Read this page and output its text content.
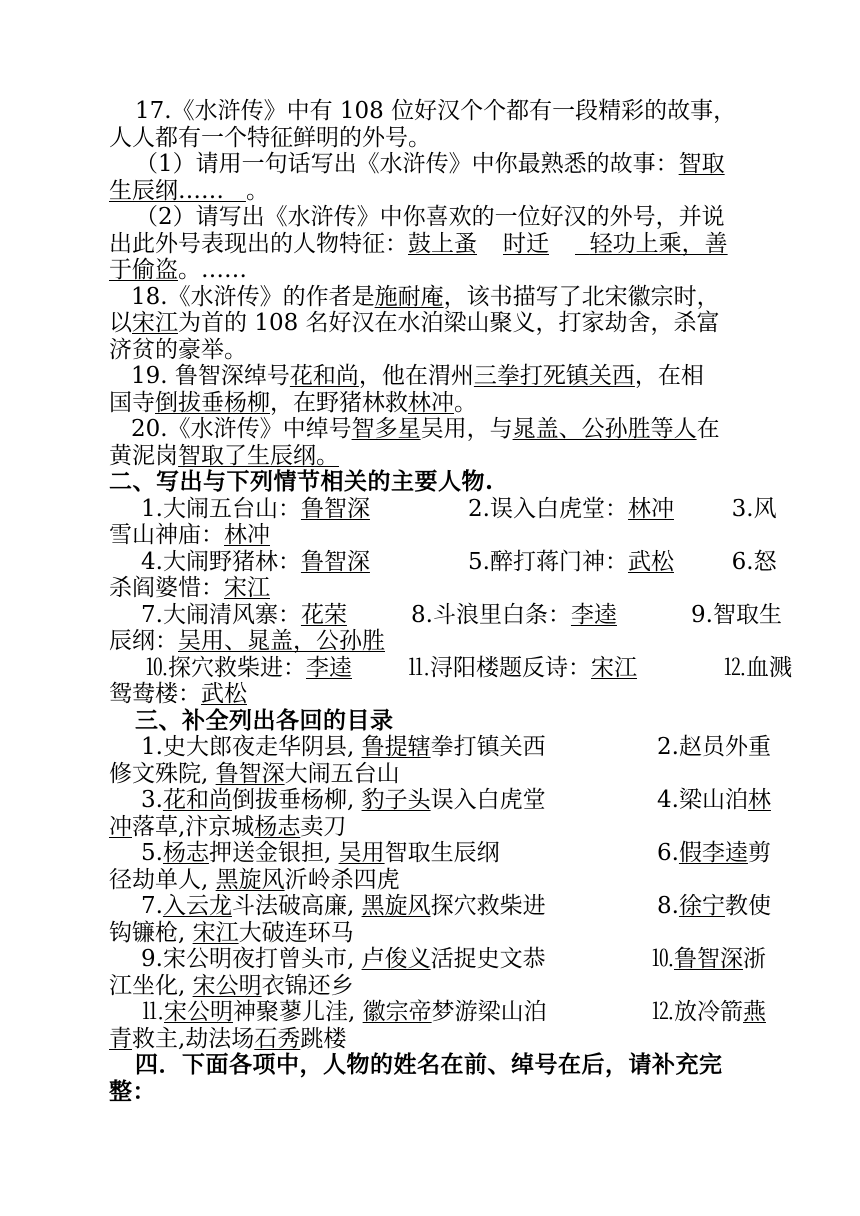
17.《水浒传》中有 108 位好汉个个都有一段精彩的故事，

人人都有一个特征鲜明的外号。

（1）请用一句话写出《水浒传》中你最熟悉的故事：智取

生辰纲…… 。

（2）请写出《水浒传》中你喜欢的一位好汉的外号，并说

出此外号表现出的人物特征：鼓上蚤 时迁 轻功上乘，善

于偷盗。……

18.《水浒传》的作者是施耐庵，该书描写了北宋徽宗时，

以宋江为首的 108 名好汉在水泊梁山聚义，打家劫舍，杀富

济贫的豪举。

19. 鲁智深绰号花和尚，他在渭州三拳打死镇关西，在相

国寺倒拔垂杨柳，在野猪林救林冲。

20.《水浒传》中绰号智多星吴用，与晁盖、公孙胜等人在

黄泥岗智取了生辰纲。

二、写出与下列情节相关的主要人物.

1.大闹五台山：鲁智深	2.误入白虎堂：林冲	3.风

雪山神庙：林冲

4.大闹野猪林：鲁智深	5.醉打蒋门神：武松	6.怒

杀阎婆惜：宋江

7.大闹清风寨：花荣	8.斗浪里白条：李逵	9.智取生

辰纲：吴用、晁盖，公孙胜

⒑探穴救柴进：李逵	⒒浔阳楼题反诗：宋江	⒓血溅

鸳鸯楼：武松

三、补全列出各回的目录

1.史大郎夜走华阴县, 鲁提辖拳打镇关西	2.赵员外重

修文殊院, 鲁智深大闹五台山

3.花和尚倒拔垂杨柳, 豹子头误入白虎堂	4.梁山泊林

冲落草,汴京城杨志卖刀

5.杨志押送金银担, 吴用智取生辰纲	6.假李逵剪

径劫单人, 黑旋风沂岭杀四虎

7.入云龙斗法破高廉, 黑旋风探穴救柴进	8.徐宁教使

钩镰枪, 宋江大破连环马

9.宋公明夜打曾头市, 卢俊义活捉史文恭	⒑鲁智深浙

江坐化, 宋公明衣锦还乡

⒒宋公明神聚蓼儿洼, 徽宗帝梦游梁山泊	⒓放冷箭燕

青救主,劫法场石秀跳楼

四．下面各项中，人物的姓名在前、绰号在后，请补充完

整：
